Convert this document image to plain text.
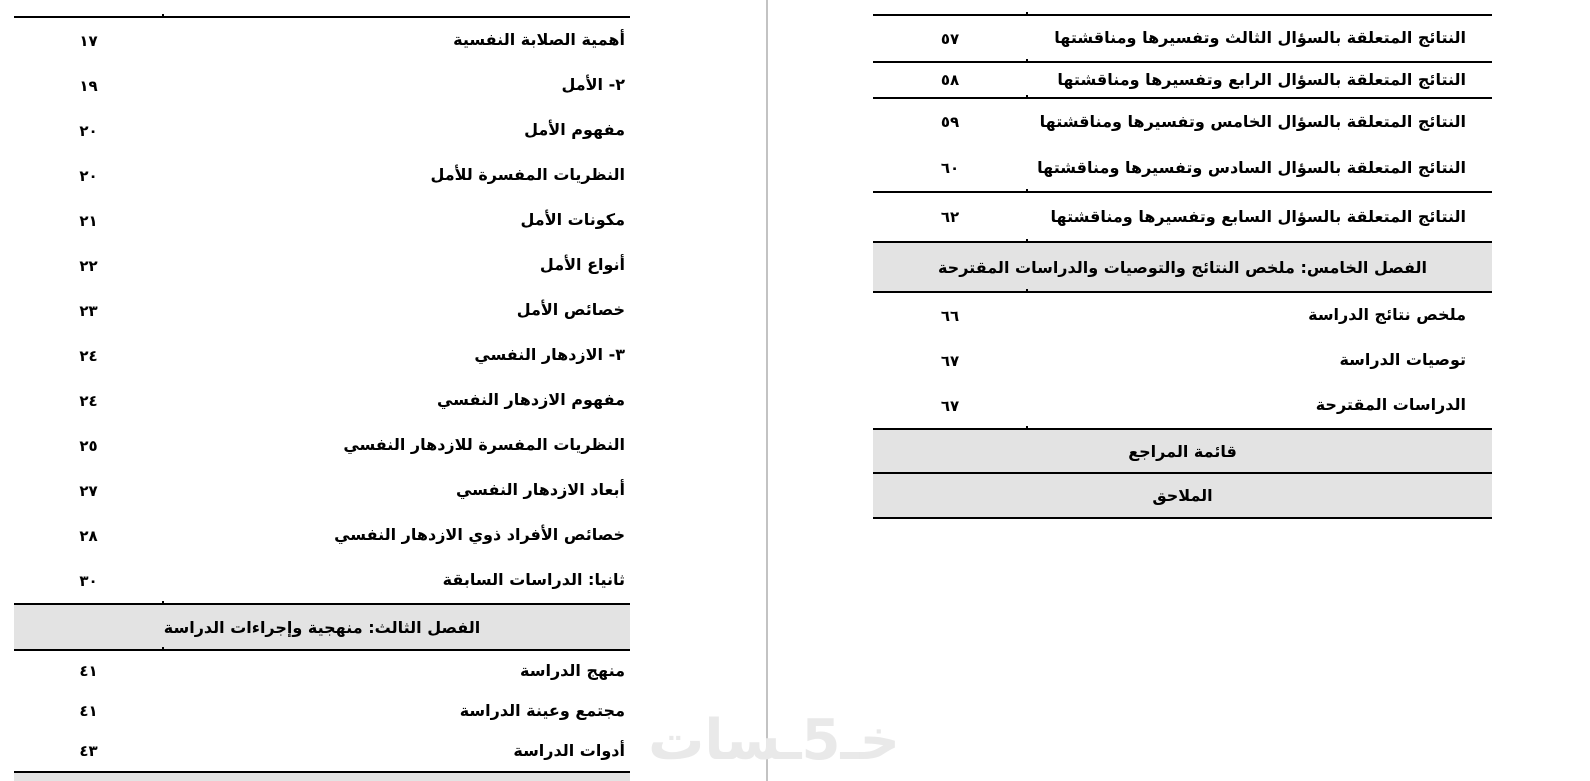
أهمية الصلابة النفسية
١٧
٢- الأمل
١٩
مفهوم الأمل
٢٠
النظريات المفسرة للأمل
٢٠
مكونات الأمل
٢١
أنواع الأمل
٢٢
خصائص الأمل
٢٣
٣- الازدهار النفسي
٢٤
مفهوم الازدهار النفسي
٢٤
النظريات المفسرة للازدهار النفسي
٢٥
أبعاد الازدهار النفسي
٢٧
خصائص الأفراد ذوي الازدهار النفسي
٢٨
ثانيا: الدراسات السابقة
٣٠
الفصل الثالث: منهجية وإجراءات الدراسة
منهج الدراسة
٤١
مجتمع وعينة الدراسة
٤١
أدوات الدراسة
٤٣
النتائج المتعلقة بالسؤال الثالث وتفسيرها ومناقشتها
٥٧
النتائج المتعلقة بالسؤال الرابع وتفسيرها ومناقشتها
٥٨
النتائج المتعلقة بالسؤال الخامس وتفسيرها ومناقشتها
٥٩
النتائج المتعلقة بالسؤال السادس وتفسيرها ومناقشتها
٦٠
النتائج المتعلقة بالسؤال السابع وتفسيرها ومناقشتها
٦٢
الفصل الخامس: ملخص النتائج والتوصيات والدراسات المقترحة
ملخص نتائج الدراسة
٦٦
توصيات الدراسة
٦٧
الدراسات المقترحة
٦٧
قائمة المراجع
الملاحق
خـ5ـسات
